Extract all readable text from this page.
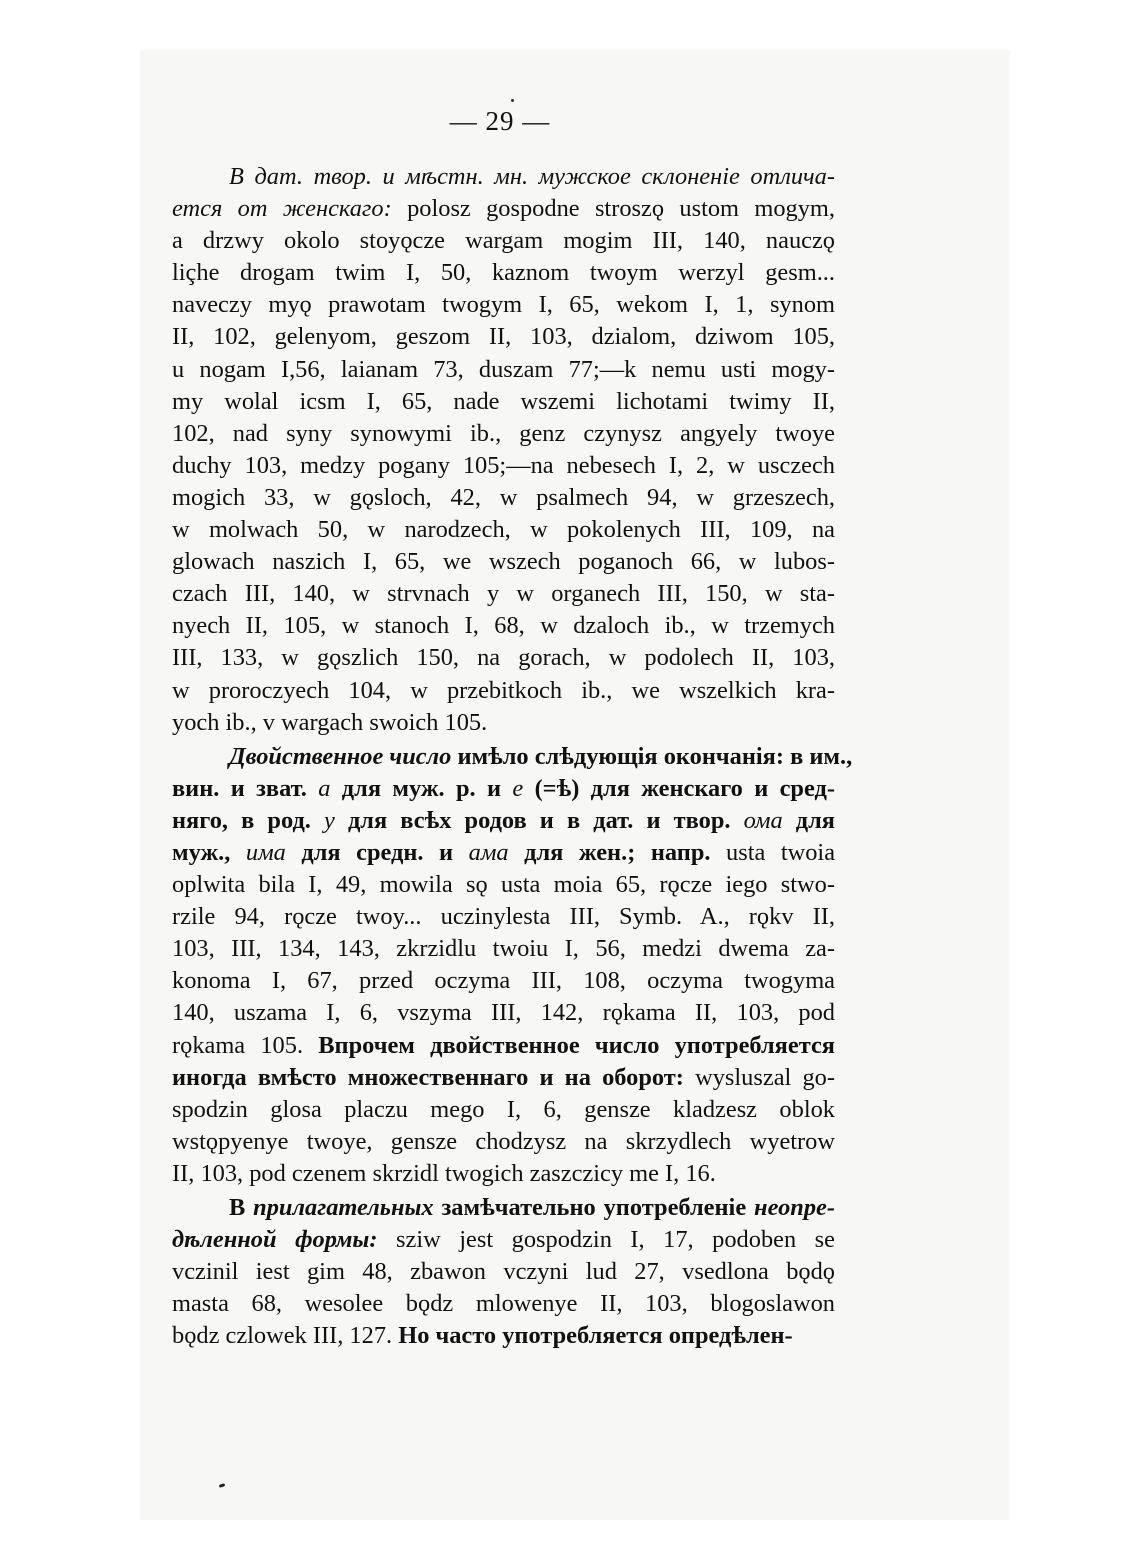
— 29 —
В дат. твор. и мѣстн. мн. мужское склоненіе отлича-
ется от женскаго: polosz gospodne stroszǫ ustom mogym,
a drzwy okolo stoyǫcze wargam mogim III, 140, nauczǫ
liçhe drogam twim I, 50, kaznom twoym werzyl gesm...
naveczy myǫ prawotam twogym I, 65, wekom I, 1, synom
II, 102, gelenyom, geszom II, 103, dzialom, dziwom 105,
u nogam I,56, laianam 73, duszam 77;—k nemu usti mogy-
my wolal icsm I, 65, nade wszemi lichotami twimy II,
102, nad syny synowymi ib., genz czynysz angyely twoye
duchy 103, medzy pogany 105;—na nebesech I, 2, w usczech
mogich 33, w gǫsloch, 42, w psalmech 94, w grzeszech,
w molwach 50, w narodzech, w pokolenych III, 109, na
glowach naszich I, 65, we wszech poganoch 66, w lubos-
czach III, 140, w strvnach y w organech III, 150, w sta-
nyech II, 105, w stanoch I, 68, w dzaloch ib., w trzemych
III, 133, w gǫszlich 150, na gorach, w podolech II, 103,
w proroczyech 104, w przebitkoch ib., we wszelkich kra-
yoch ib., v wargach swoich 105.
Двойственное число имѣло слѣдующія окончанія: в им.,
вин. и зват. а для муж. р. и е (=ѣ) для женскаго и сред-
няго, в род. у для всѣх родов и в дат. и твор. ома для
муж., има для средн. и ама для жен.; напр. usta twoia
oplwita bila I, 49, mowila sǫ usta moia 65, rǫcze iego stwo-
rzile 94, rǫcze twoy... uczinylesta III, Symb. A., rǫkv II,
103, III, 134, 143, zkrzidlu twoiu I, 56, medzi dwema za-
konoma I, 67, przed oczyma III, 108, oczyma twogyma
140, uszama I, 6, vszyma III, 142, rǫkama II, 103, pod
rǫkama 105. Впрочем двойственное число употребляется
иногда вмѣсто множественнаго и на оборот: wysluszal go-
spodzin glosa placzu mego I, 6, gensze kladzesz oblok
wstǫpyenye twoye, gensze chodzysz na skrzydlech wyetrow
II, 103, pod czenem skrzidl twogich zaszczicy me I, 16.
В прилагательных замѣчательно употребленіе неопре-
дѣленной формы: sziw jest gospodzin I, 17, podoben se
vczinil iest gim 48, zbawon vczyni lud 27, vsedlona bǫdǫ
masta 68, wesolee bǫdz mlowenye II, 103, blogoslawon
bǫdz czlowek III, 127. Но часто употребляется опредѣлен-
